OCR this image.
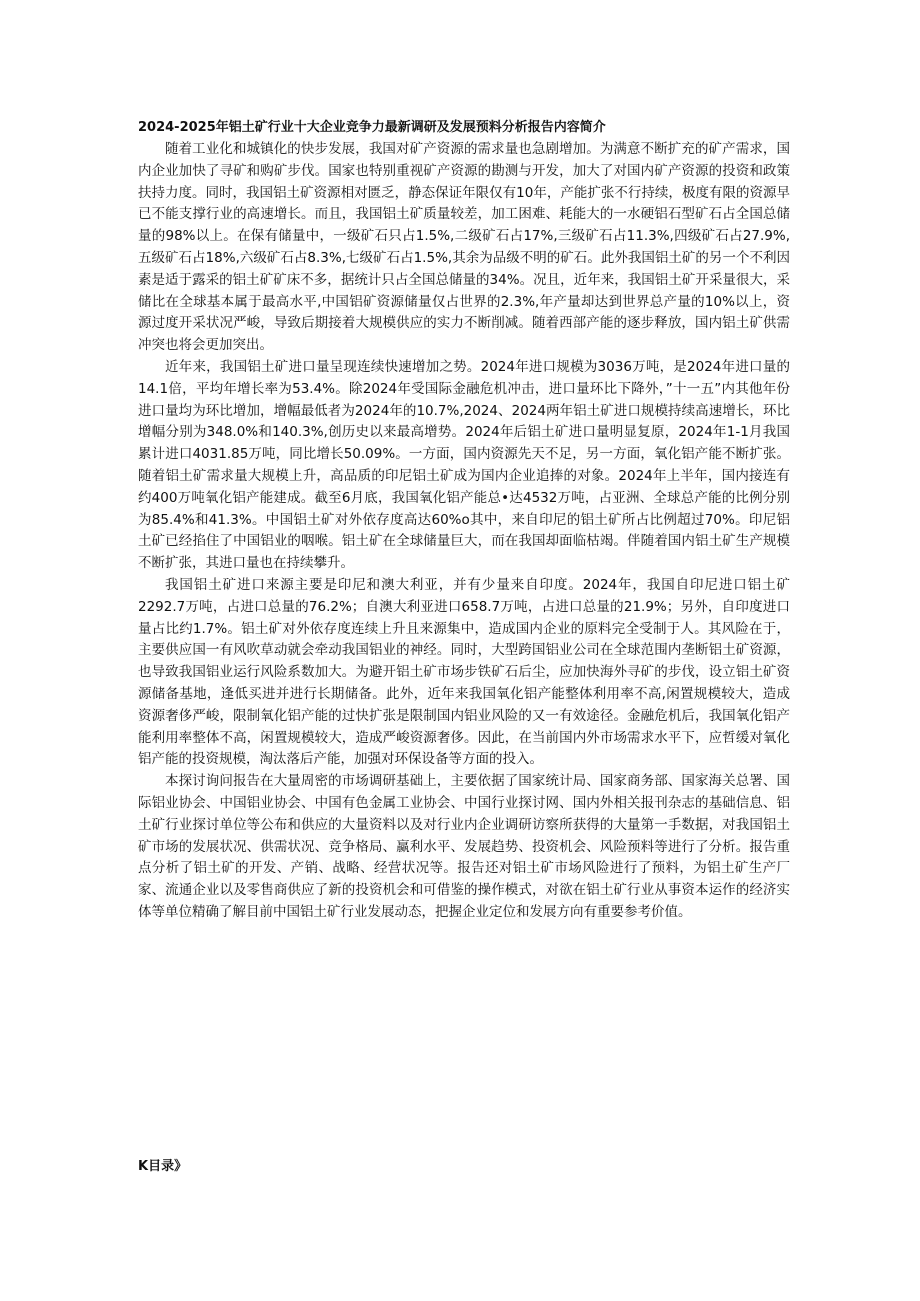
2024-2025年铝土矿行业十大企业竞争力最新调研及发展预料分析报告内容简介

随着工业化和城镇化的快步发展，我国对矿产资源的需求量也急剧增加。为满意不断扩充的矿产需求，国内企业加快了寻矿和购矿步伐。国家也特别重视矿产资源的勘测与开发，加大了对国内矿产资源的投资和政策扶持力度。同时，我国铝土矿资源相对匮乏，静态保证年限仅有10年，产能扩张不行持续，极度有限的资源早已不能支撑行业的高速增长。而且，我国铝土矿质量较差，加工困难、耗能大的一水硬铝石型矿石占全国总储量的98%以上。在保有储量中，一级矿石只占1.5%,二级矿石占17%,三级矿石占11.3%,四级矿石占27.9%,五级矿石占18%,六级矿石占8.3%,七级矿石占1.5%,其余为品级不明的矿石。此外我国铝土矿的另一个不利因素是适于露采的铝土矿矿床不多，据统计只占全国总储量的34%。况且，近年来，我国铝土矿开采量很大，采储比在全球基本属于最高水平,中国铝矿资源储量仅占世界的2.3%,年产量却达到世界总产量的10%以上，资源过度开采状况严峻，导致后期接着大规模供应的实力不断削减。随着西部产能的逐步释放，国内铝土矿供需冲突也将会更加突出。

近年来，我国铝土矿进口量呈现连续快速增加之势。2024年进口规模为3036万吨，是2024年进口量的14.1倍，平均年增长率为53.4%。除2024年受国际金融危机冲击，进口量环比下降外，”十一五”内其他年份进口量均为环比增加，增幅最低者为2024年的10.7%,2024、2024两年铝土矿进口规模持续高速增长，环比增幅分别为348.0%和140.3%,创历史以来最高增势。2024年后铝土矿进口量明显复原，2024年1-1月我国累计进口4031.85万吨，同比增长50.09%。一方面，国内资源先天不足，另一方面，氧化铝产能不断扩张。随着铝土矿需求量大规模上升，高品质的印尼铝土矿成为国内企业追捧的对象。2024年上半年，国内接连有约400万吨氧化铝产能建成。截至6月底，我国氧化铝产能总•达4532万吨，占亚洲、全球总产能的比例分别为85.4%和41.3%。中国铝土矿对外依存度高达60%o其中，来自印尼的铝土矿所占比例超过70%。印尼铝土矿已经掐住了中国铝业的咽喉。铝土矿在全球储量巨大，而在我国却面临枯竭。伴随着国内铝土矿生产规模不断扩张，其进口量也在持续攀升。

我国铝土矿进口来源主要是印尼和澳大利亚，并有少量来自印度。2024年，我国自印尼进口铝土矿2292.7万吨，占进口总量的76.2%；自澳大利亚进口658.7万吨，占进口总量的21.9%；另外，自印度进口量占比约1.7%。铝土矿对外依存度连续上升且来源集中，造成国内企业的原料完全受制于人。其风险在于，主要供应国一有风吹草动就会牵动我国铝业的神经。同时，大型跨国铝业公司在全球范围内垄断铝土矿资源，也导致我国铝业运行风险系数加大。为避开铝土矿市场步铁矿石后尘，应加快海外寻矿的步伐，设立铝土矿资源储备基地，逢低买进并进行长期储备。此外，近年来我国氧化铝产能整体利用率不高,闲置规模较大，造成资源奢侈严峻，限制氧化铝产能的过快扩张是限制国内铝业风险的又一有效途径。金融危机后，我国氧化铝产能利用率整体不高，闲置规模较大，造成严峻资源奢侈。因此，在当前国内外市场需求水平下，应哲缓对氧化铝产能的投资规模，淘汰落后产能，加强对环保设备等方面的投入。

本探讨询问报告在大量周密的市场调研基础上，主要依据了国家统计局、国家商务部、国家海关总署、国际铝业协会、中国铝业协会、中国有色金属工业协会、中国行业探讨网、国内外相关报刊杂志的基础信息、铝土矿行业探讨单位等公布和供应的大量资料以及对行业内企业调研访察所获得的大量第一手数据，对我国铝土矿市场的发展状况、供需状况、竞争格局、赢利水平、发展趋势、投资机会、风险预料等进行了分析。报告重点分析了铝土矿的开发、产销、战略、经营状况等。报告还对铝土矿市场风险进行了预料，为铝土矿生产厂家、流通企业以及零售商供应了新的投资机会和可借鉴的操作模式，对欲在铝土矿行业从事资本运作的经济实体等单位精确了解目前中国铝土矿行业发展动态，把握企业定位和发展方向有重要参考价值。

K目录》
